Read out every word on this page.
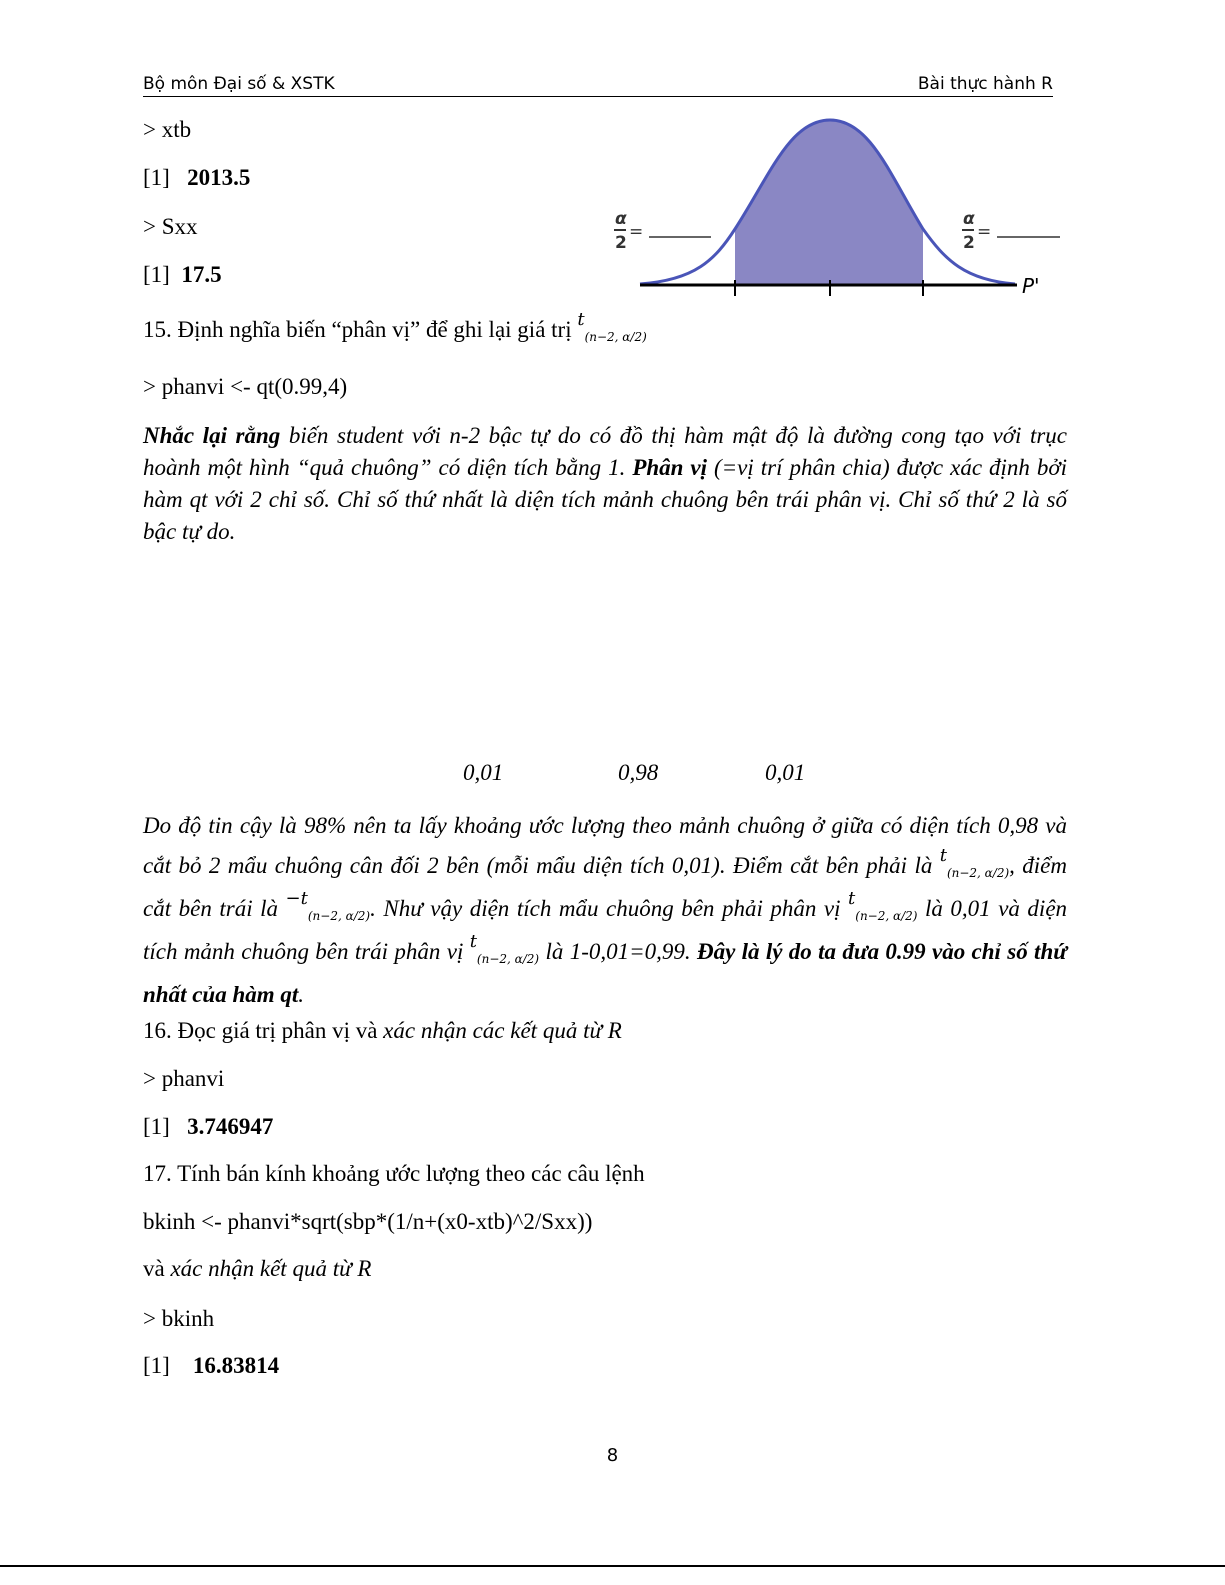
Bộ môn Đại số & XSTK	Bài thực hành R
> xtb
[1] 2013.5
> Sxx
[1] 17.5
α
2
=
α
2
=
P'
15. Định nghĩa biến “phân vị” để ghi lại giá trị $^t$(n−2, α/2)
> phanvi <- qt(0.99,4)
Nhắc lại rằng biến student với n-2 bậc tự do có đồ thị hàm mật độ là đường cong tạo với trục hoành một hình “quả chuông” có diện tích bằng 1. Phân vị (=vị trí phân chia) được xác định bởi hàm qt với 2 chỉ số. Chỉ số thứ nhất là diện tích mảnh chuông bên trái phân vị. Chỉ số thứ 2 là số bậc tự do.
0,01	0,98	0,01
Do độ tin cậy là 98% nên ta lấy khoảng ước lượng theo mảnh chuông ở giữa có diện tích 0,98 và cắt bỏ 2 mẩu chuông cân đối 2 bên (mỗi mẩu diện tích 0,01). Điểm cắt bên phải là $^t$(n−2, α/2), điểm cắt bên trái là $^{-t}$(n−2, α/2). Như vậy diện tích mẩu chuông bên phải phân vị $^t$(n−2, α/2) là 0,01 và diện tích mảnh chuông bên trái phân vị $^t$(n−2, α/2) là 1-0,01=0,99. Đây là lý do ta đưa 0.99 vào chỉ số thứ nhất của hàm qt.
16. Đọc giá trị phân vị và xác nhận các kết quả từ R
> phanvi
[1] 3.746947
17. Tính bán kính khoảng ước lượng theo các câu lệnh
bkinh <- phanvi*sqrt(sbp*(1/n+(x0-xtb)^2/Sxx))
và xác nhận kết quả từ R
> bkinh
[1] 16.83814
8
